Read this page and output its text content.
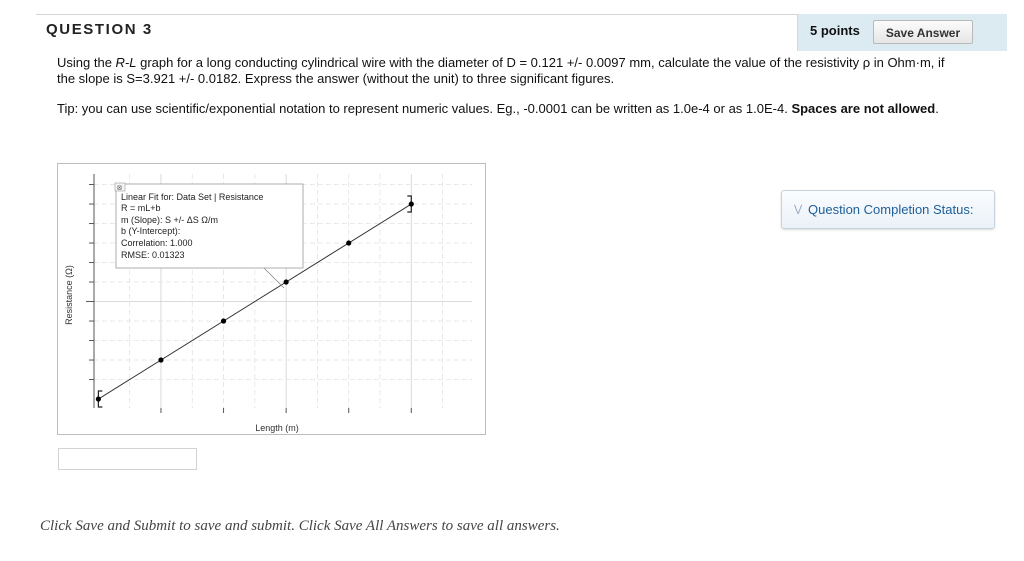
QUESTION 3	5 points	Save Answer
Using the R-L graph for a long conducting cylindrical wire with the diameter of D = 0.121 +/- 0.0097 mm, calculate the value of the resistivity ρ in Ohm·m, if the slope is S=3.921 +/- 0.0182. Express the answer (without the unit) to three significant figures.
Tip: you can use scientific/exponential notation to represent numeric values. Eg., -0.0001 can be written as 1.0e-4 or as 1.0E-4. Spaces are not allowed.
Length (m)
Resistance (Ω)
⊠
Linear Fit for: Data Set | Resistance
R = mL+b
m (Slope): S +/- ΔS Ω/m
b (Y-Intercept):
Correlation: 1.000
RMSE: 0.01323
⋁ Question Completion Status:
Click Save and Submit to save and submit. Click Save All Answers to save all answers.
